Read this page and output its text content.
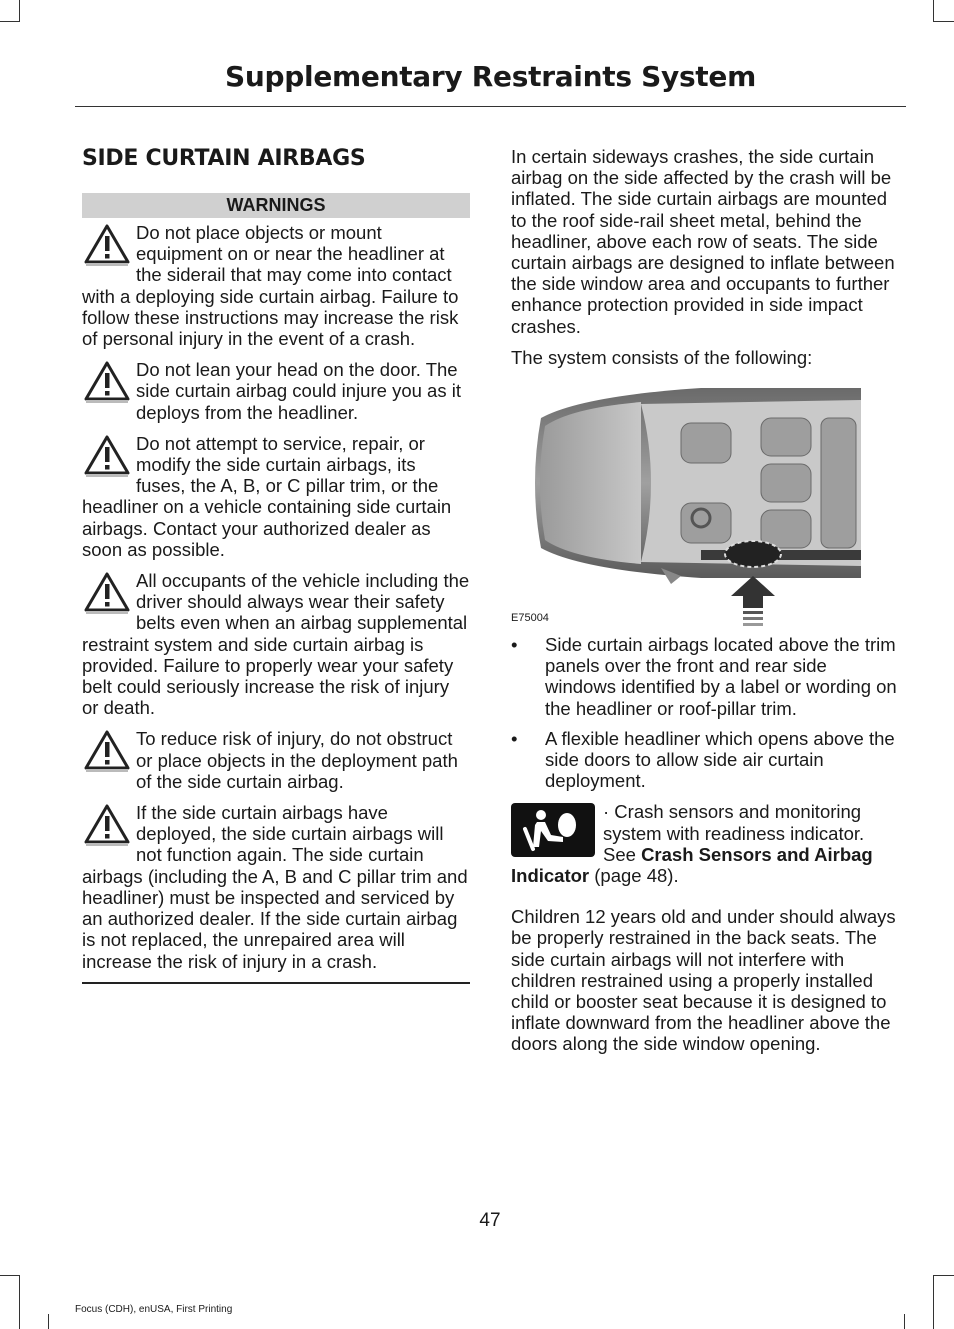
Supplementary Restraints System
SIDE CURTAIN AIRBAGS
WARNINGS
Do not place objects or mount equipment on or near the headliner at the siderail that may come into contact with a deploying side curtain airbag. Failure to follow these instructions may increase the risk of personal injury in the event of a crash.
Do not lean your head on the door. The side curtain airbag could injure you as it deploys from the headliner.
Do not attempt to service, repair, or modify the side curtain airbags, its fuses, the A, B, or C pillar trim, or the headliner on a vehicle containing side curtain airbags. Contact your authorized dealer as soon as possible.
All occupants of the vehicle including the driver should always wear their safety belts even when an airbag supplemental restraint system and side curtain airbag is provided. Failure to properly wear your safety belt could seriously increase the risk of injury or death.
To reduce risk of injury, do not obstruct or place objects in the deployment path of the side curtain airbag.
If the side curtain airbags have deployed, the side curtain airbags will not function again. The side curtain airbags (including the A, B and C pillar trim and headliner) must be inspected and serviced by an authorized dealer. If the side curtain airbag is not replaced, the unrepaired area will increase the risk of injury in a crash.

In certain sideways crashes, the side curtain airbag on the side affected by the crash will be inflated. The side curtain airbags are mounted to the roof side-rail sheet metal, behind the headliner, above each row of seats. The side curtain airbags are designed to inflate between the side window area and occupants to further enhance protection provided in side impact crashes.

The system consists of the following:

E75004
• Side curtain airbags located above the trim panels over the front and rear side windows identified by a label or wording on the headliner or roof-pillar trim.
• A flexible headliner which opens above the side doors to allow side air curtain deployment.
· Crash sensors and monitoring system with readiness indicator. See Crash Sensors and Airbag Indicator (page 48).

Children 12 years old and under should always be properly restrained in the back seats. The side curtain airbags will not interfere with children restrained using a properly installed child or booster seat because it is designed to inflate downward from the headliner above the doors along the side window opening.

47
Focus (CDH), enUSA, First Printing
